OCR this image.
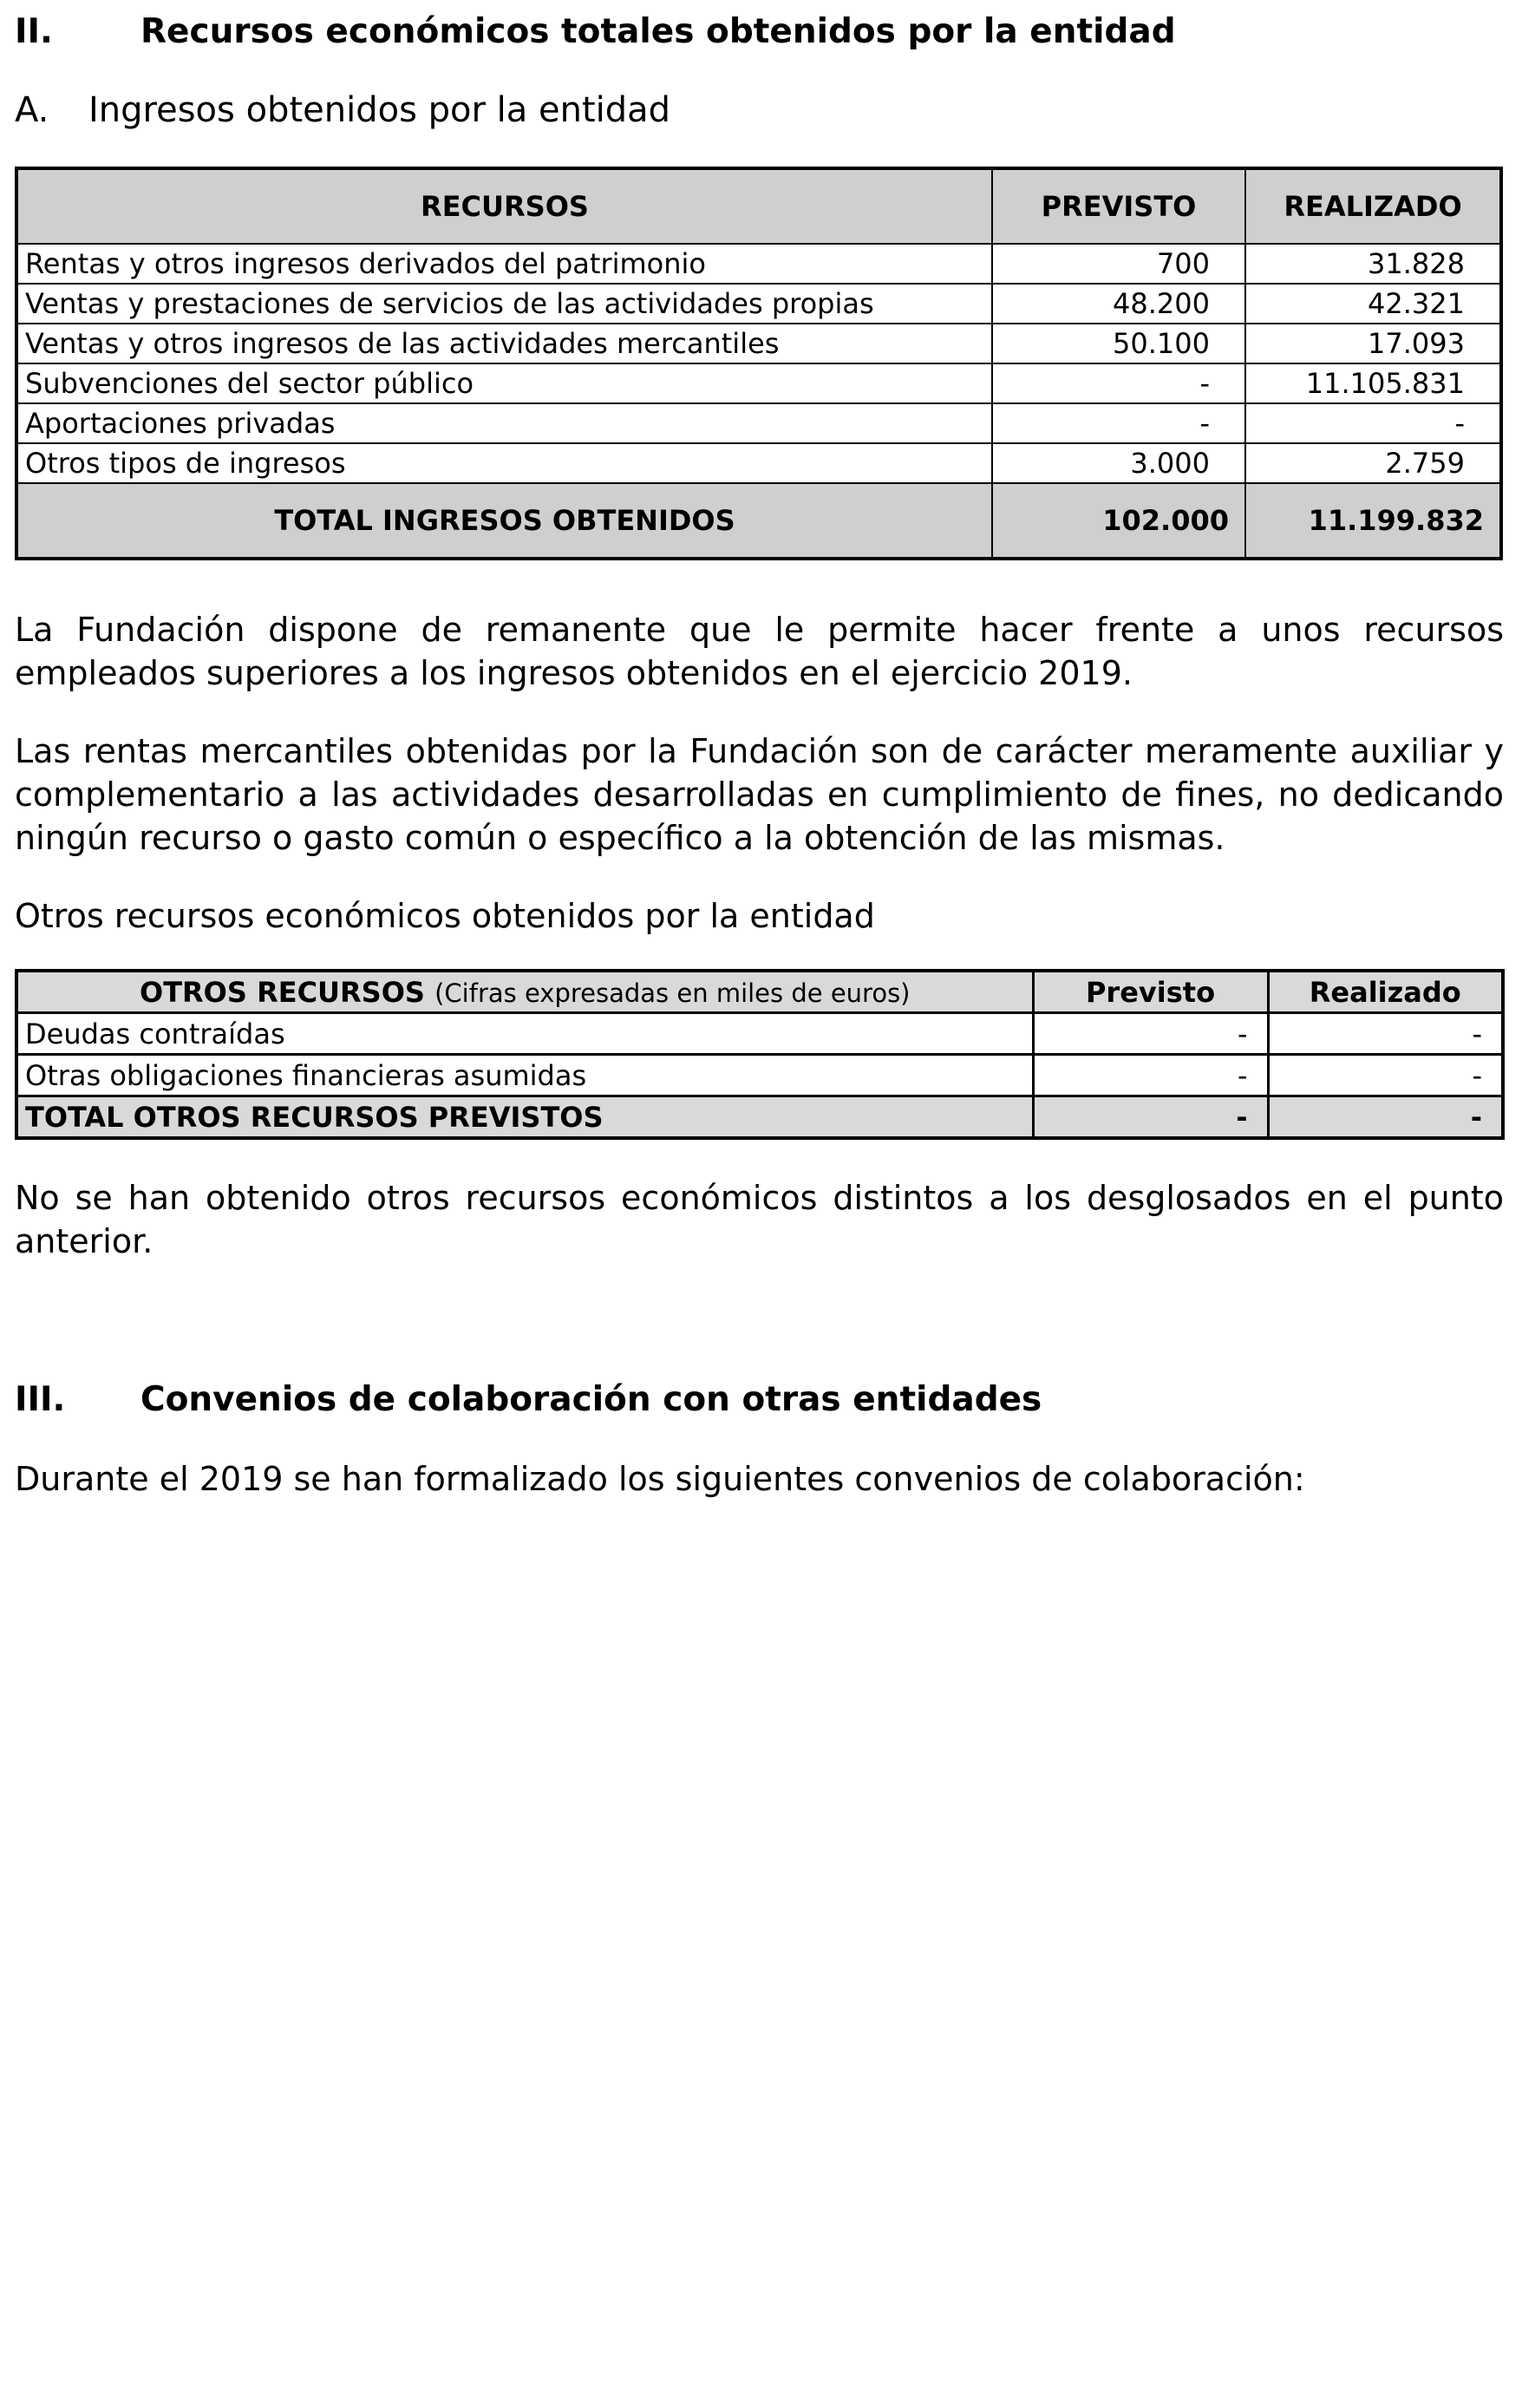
II.	Recursos económicos totales obtenidos por la entidad
A. Ingresos obtenidos por la entidad
RECURSOS	PREVISTO	REALIZADO
Rentas y otros ingresos derivados del patrimonio	700	31.828
Ventas y prestaciones de servicios de las actividades propias	48.200	42.321
Ventas y otros ingresos de las actividades mercantiles	50.100	17.093
Subvenciones del sector público	-	11.105.831
Aportaciones privadas	-	-
Otros tipos de ingresos	3.000	2.759
TOTAL INGRESOS OBTENIDOS	102.000	11.199.832
La Fundación dispone de remanente que le permite hacer frente a unos recursos empleados superiores a los ingresos obtenidos en el ejercicio 2019.
Las rentas mercantiles obtenidas por la Fundación son de carácter meramente auxiliar y complementario a las actividades desarrolladas en cumplimiento de fines, no dedicando ningún recurso o gasto común o específico a la obtención de las mismas.
Otros recursos económicos obtenidos por la entidad
OTROS RECURSOS (Cifras expresadas en miles de euros)	Previsto	Realizado
Deudas contraídas	-	-
Otras obligaciones financieras asumidas	-	-
TOTAL OTROS RECURSOS PREVISTOS	-	-
No se han obtenido otros recursos económicos distintos a los desglosados en el punto anterior.
III. Convenios de colaboración con otras entidades
Durante el 2019 se han formalizado los siguientes convenios de colaboración:
